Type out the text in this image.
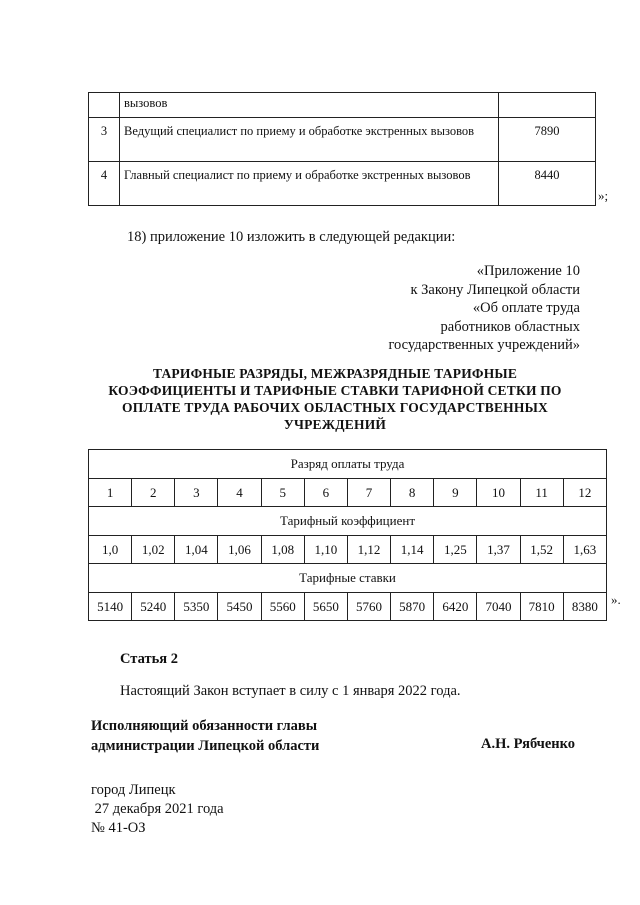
	вызовов	
3	Ведущий специалист по приему и обработке экстренных вызовов	7890
4	Главный специалист по приему и обработке экстренных вызовов	8440
»;
18) приложение 10 изложить в следующей редакции:
«Приложение 10
к Закону Липецкой области
«Об оплате труда
работников областных
государственных учреждений»
ТАРИФНЫЕ РАЗРЯДЫ, МЕЖРАЗРЯДНЫЕ ТАРИФНЫЕ
КОЭФФИЦИЕНТЫ И ТАРИФНЫЕ СТАВКИ ТАРИФНОЙ СЕТКИ ПО
ОПЛАТЕ ТРУДА РАБОЧИХ ОБЛАСТНЫХ ГОСУДАРСТВЕННЫХ
УЧРЕЖДЕНИЙ
Разряд оплаты труда											
1	2	3	4	5	6	7	8	9	10	11	12
Тарифный коэффициент											
1,0	1,02	1,04	1,06	1,08	1,10	1,12	1,14	1,25	1,37	1,52	1,63
Тарифные ставки											
5140	5240	5350	5450	5560	5650	5760	5870	6420	7040	7810	8380 ».
Статья 2
Настоящий Закон вступает в силу с 1 января 2022 года.
Исполняющий обязанности главы
администрации Липецкой области	А.Н. Рябченко
город Липецк
27 декабря 2021 года
№ 41-ОЗ
